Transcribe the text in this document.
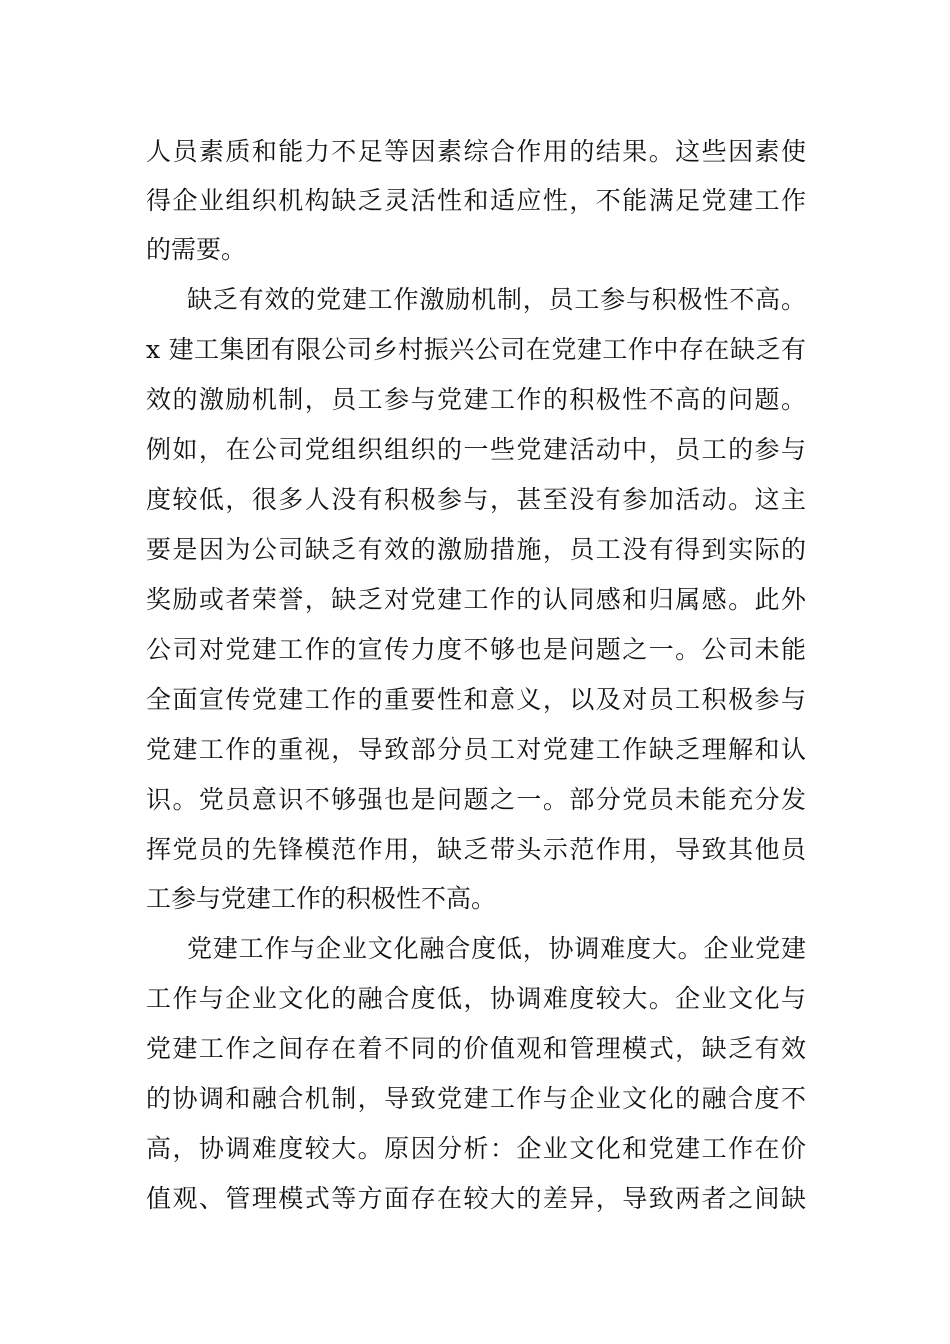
人员素质和能力不足等因素综合作用的结果。这些因素使
得企业组织机构缺乏灵活性和适应性，不能满足党建工作
的需要。
缺乏有效的党建工作激励机制，员工参与积极性不高。
x 建工集团有限公司乡村振兴公司在党建工作中存在缺乏有
效的激励机制，员工参与党建工作的积极性不高的问题。
例如，在公司党组织组织的一些党建活动中，员工的参与
度较低，很多人没有积极参与，甚至没有参加活动。这主
要是因为公司缺乏有效的激励措施，员工没有得到实际的
奖励或者荣誉，缺乏对党建工作的认同感和归属感。此外
公司对党建工作的宣传力度不够也是问题之一。公司未能
全面宣传党建工作的重要性和意义，以及对员工积极参与
党建工作的重视，导致部分员工对党建工作缺乏理解和认
识。党员意识不够强也是问题之一。部分党员未能充分发
挥党员的先锋模范作用，缺乏带头示范作用，导致其他员
工参与党建工作的积极性不高。
党建工作与企业文化融合度低，协调难度大。企业党建
工作与企业文化的融合度低，协调难度较大。企业文化与
党建工作之间存在着不同的价值观和管理模式，缺乏有效
的协调和融合机制，导致党建工作与企业文化的融合度不
高，协调难度较大。原因分析：企业文化和党建工作在价
值观、管理模式等方面存在较大的差异，导致两者之间缺
